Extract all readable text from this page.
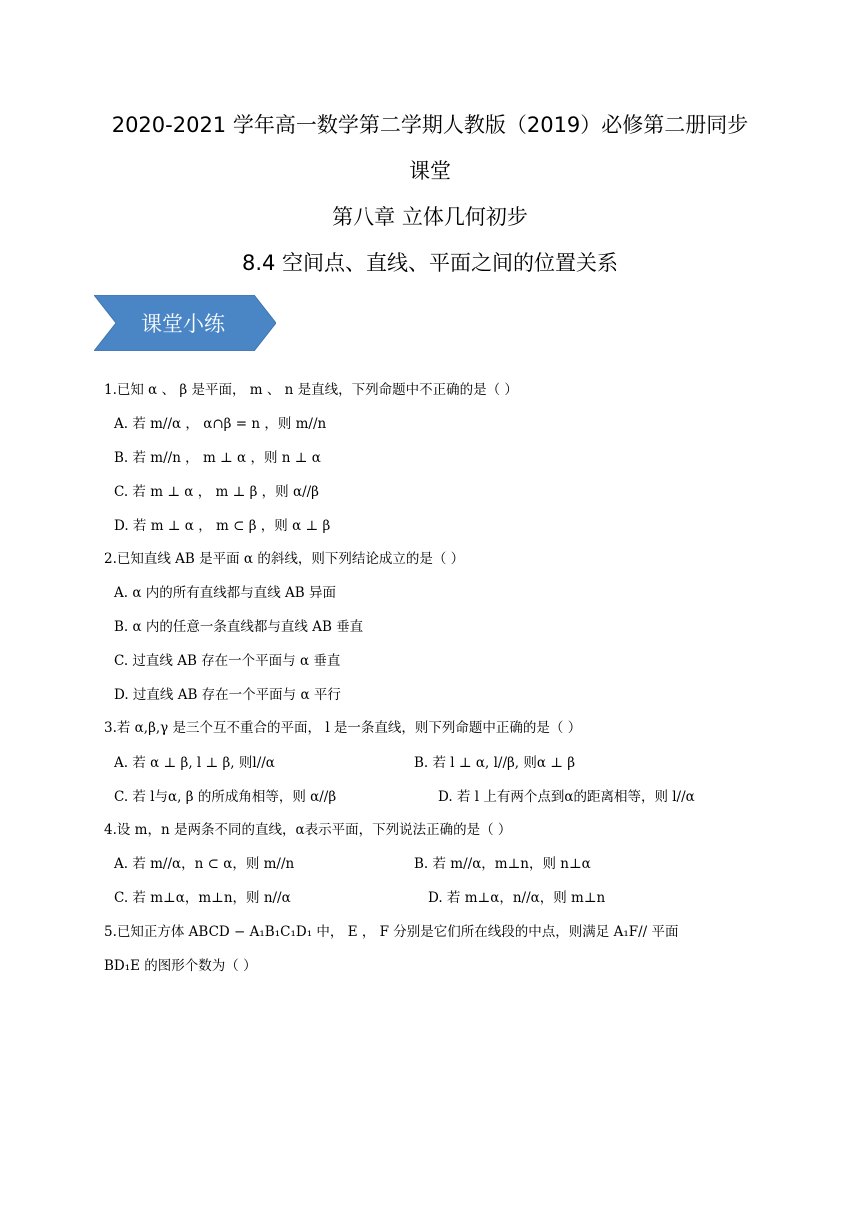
2020-2021 学年高一数学第二学期人教版（2019）必修第二册同步
课堂
第八章 立体几何初步
8.4 空间点、直线、平面之间的位置关系
课堂小练
1.已知 α 、 β 是平面， m 、 n 是直线，下列命题中不正确的是（ ）
A. 若 m//α ， α∩β = n ，则 m//n
B. 若 m//n ， m ⊥ α ，则 n ⊥ α
C. 若 m ⊥ α ， m ⊥ β ，则 α//β
D. 若 m ⊥ α ， m ⊂ β ，则 α ⊥ β
2.已知直线 AB 是平面 α 的斜线，则下列结论成立的是（ ）
A. α 内的所有直线都与直线 AB 异面
B. α 内的任意一条直线都与直线 AB 垂直
C. 过直线 AB 存在一个平面与 α 垂直
D. 过直线 AB 存在一个平面与 α 平行
3.若 α,β,γ 是三个互不重合的平面， l 是一条直线，则下列命题中正确的是（ ）
A. 若 α ⊥ β, l ⊥ β, 则l//α	B. 若 l ⊥ α, l//β, 则α ⊥ β
C. 若 l与α, β 的所成角相等，则 α//β	D. 若 l 上有两个点到α的距离相等，则 l//α
4.设 m，n 是两条不同的直线，α表示平面，下列说法正确的是（ ）
A. 若 m//α，n ⊂ α，则 m//n	B. 若 m//α，m⊥n，则 n⊥α
C. 若 m⊥α，m⊥n，则 n//α	D. 若 m⊥α，n//α，则 m⊥n
5.已知正方体 ABCD − A₁B₁C₁D₁ 中， E ， F 分别是它们所在线段的中点，则满足 A₁F// 平面
BD₁E 的图形个数为（ ）
